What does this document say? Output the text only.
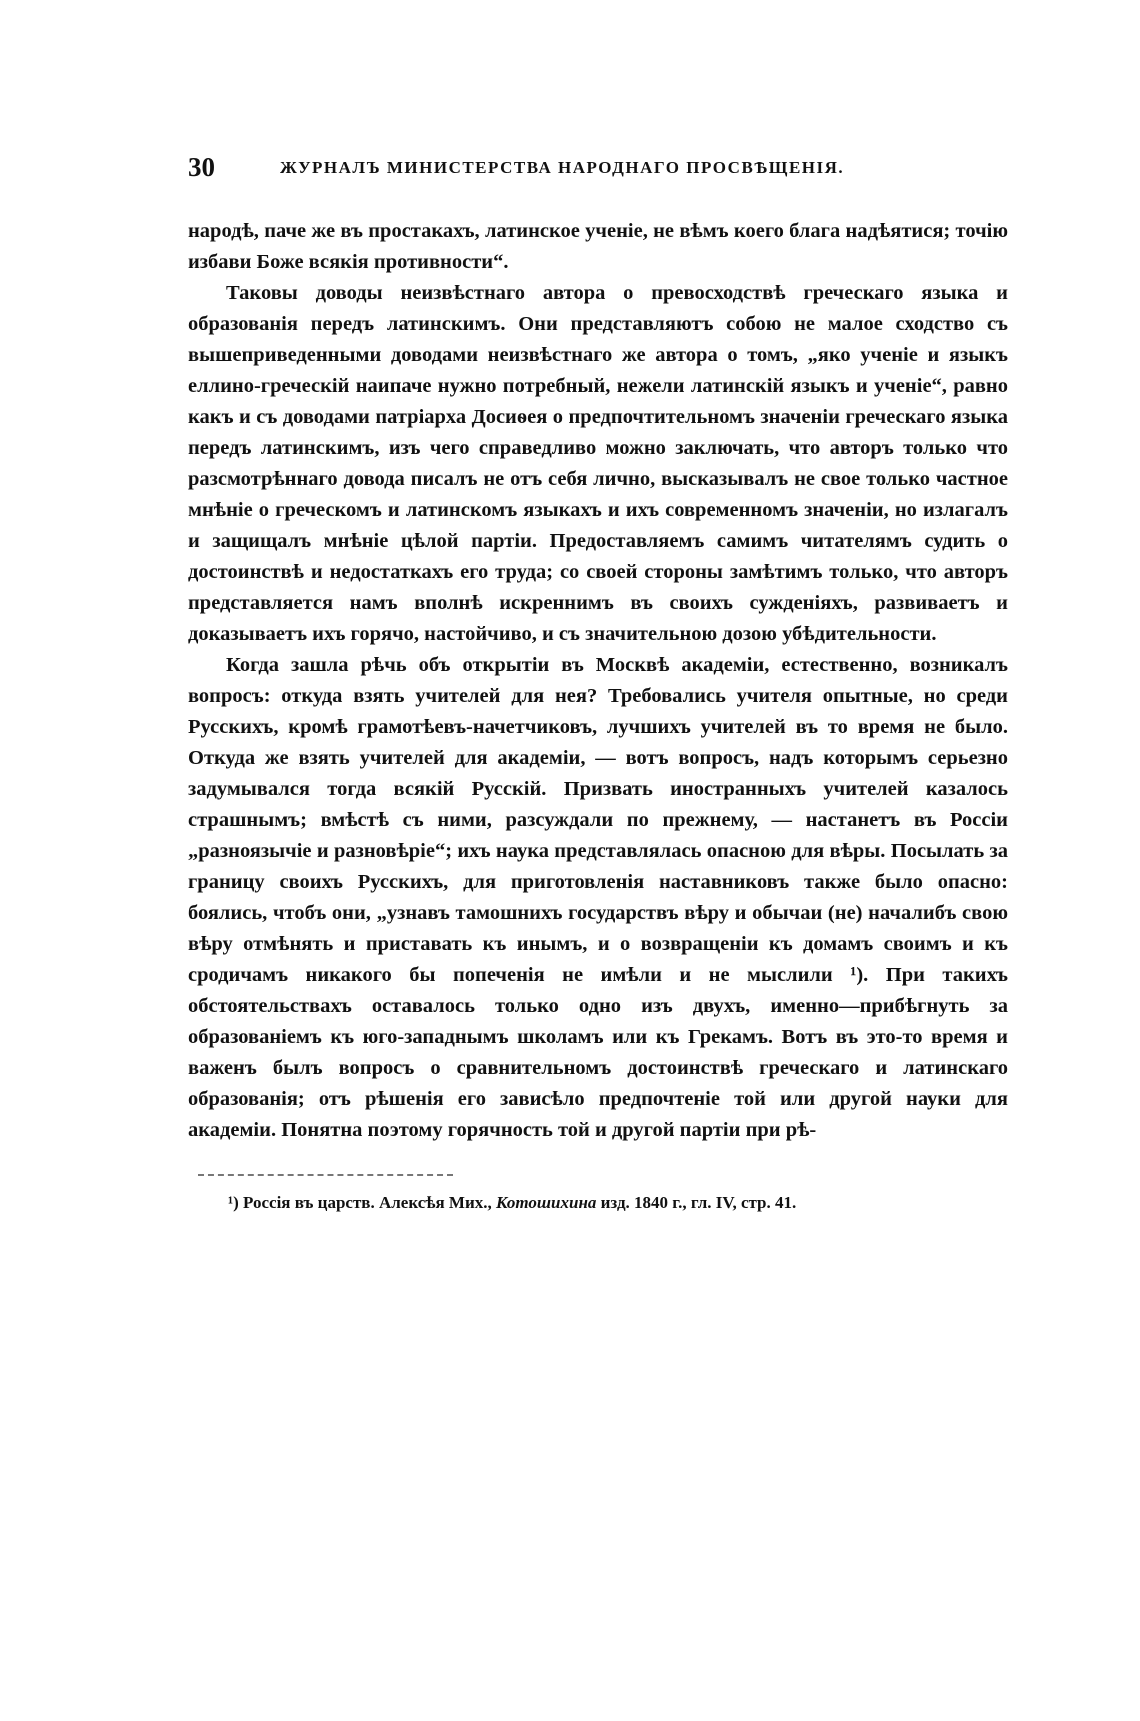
30	ЖУРНАЛЪ МИНИСТЕРСТВА НАРОДНАГО ПРОСВѢЩЕНІЯ.

народѣ, паче же въ простакахъ, латинское ученіе, не вѣмъ коего блага надѣятися; точію избави Боже всякія противности“.

Таковы доводы неизвѣстнаго автора о превосходствѣ греческаго языка и образованія передъ латинскимъ. Они представляютъ собою не малое сходство съ вышеприведенными доводами неизвѣстнаго же автора о томъ, „яко ученіе и языкъ еллино-греческій наипаче нужно потребный, нежели латинскій языкъ и ученіе“, равно какъ и съ доводами патріарха Досиѳея о предпочтительномъ значеніи греческаго языка передъ латинскимъ, изъ чего справедливо можно заключать, что авторъ только что разсмотрѣннаго довода писалъ не отъ себя лично, высказывалъ не свое только частное мнѣніе о греческомъ и латинскомъ языкахъ и ихъ современномъ значеніи, но излагалъ и защищалъ мнѣніе цѣлой партіи. Предоставляемъ самимъ читателямъ судить о достоинствѣ и недостаткахъ его труда; со своей стороны замѣтимъ только, что авторъ представляется намъ вполнѣ искреннимъ въ своихъ сужденіяхъ, развиваетъ и доказываетъ ихъ горячо, настойчиво, и съ значительною дозою убѣдительности.

Когда зашла рѣчь объ открытіи въ Москвѣ академіи, естественно, возникалъ вопросъ: откуда взять учителей для нея? Требовались учителя опытные, но среди Русскихъ, кромѣ грамотѣевъ-начетчиковъ, лучшихъ учителей въ то время не было. Откуда же взять учителей для академіи, — вотъ вопросъ, надъ которымъ серьезно задумывался тогда всякій Русскій. Призвать иностранныхъ учителей казалось страшнымъ; вмѣстѣ съ ними, разсуждали по прежнему, — настанетъ въ Россіи „разноязычіе и разновѣріе“; ихъ наука представлялась опасною для вѣры. Посылать за границу своихъ Русскихъ, для приготовленія наставниковъ также было опасно: боялись, чтобъ они, „узнавъ тамошнихъ государствъ вѣру и обычаи (не) началибъ свою вѣру отмѣнять и приставать къ инымъ, и о возвращеніи къ домамъ своимъ и къ сродичамъ никакого бы попеченія не имѣли и не мыслили ¹). При такихъ обстоятельствахъ оставалось только одно изъ двухъ, именно—прибѣгнуть за образованіемъ къ юго-западнымъ школамъ или къ Грекамъ. Вотъ въ это-то время и важенъ былъ вопросъ о сравнительномъ достоинствѣ греческаго и латинскаго образованія; отъ рѣшенія его зависѣло предпочтеніе той или другой науки для академіи. Понятна поэтому горячность той и другой партіи при рѣ-

¹) Россія въ царств. Алексѣя Мих., Котошихина изд. 1840 г., гл. IV, стр. 41.
